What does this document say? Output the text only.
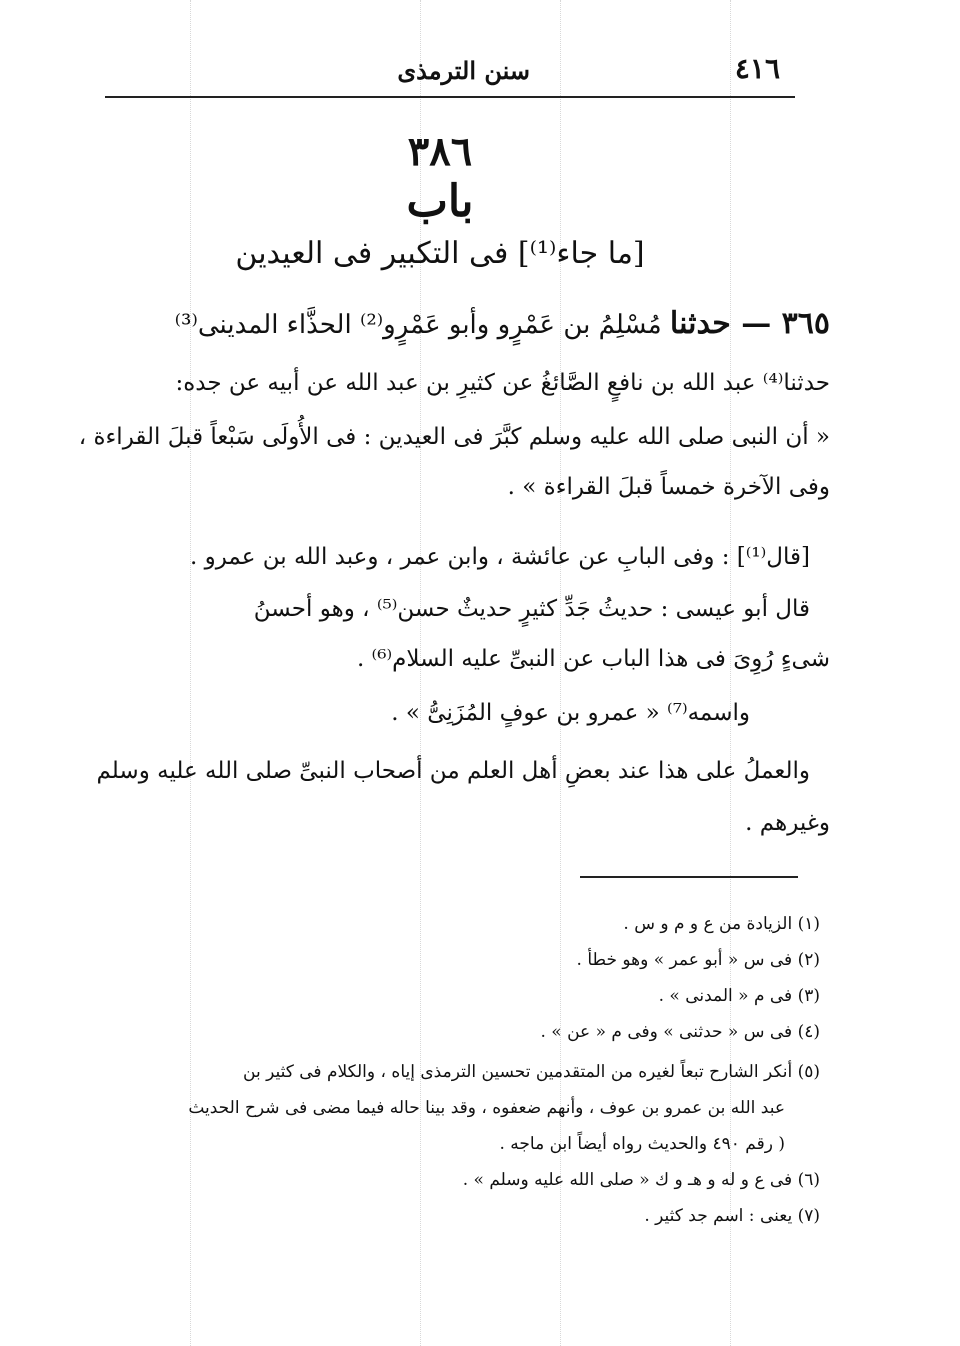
٤١٦
سنن الترمذى
٣٨٦
باب
[ما جاء⁽¹⁾] فى التكبير فى العيدين
٣٦٥ — حدثنا مُسْلِمُ بن عَمْرٍو وأبو عَمْرٍو⁽²⁾ الحذَّاء المدينى⁽³⁾
حدثنا⁽⁴⁾ عبد الله بن نافعٍ الصَّائغُ عن كثيرِ بن عبد الله عن أبيه عن جده:
« أن النبى صلى الله عليه وسلم كبَّرَ فى العيدين : فى الأُولَى سَبْعاً قبلَ القراءة ،
وفى الآخرة خمساً قبلَ القراءة » .
[قال⁽¹⁾] : وفى البابِ عن عائشة ، وابن عمر ، وعبد الله بن عمرو .
قال أبو عيسى : حديثُ جَدِّ كثيرٍ حديثٌ حسن⁽⁵⁾ ، وهو أحسنُ
شىءٍ رُوِىَ فى هذا الباب عن النبىِّ عليه السلام⁽⁶⁾ .
واسمه⁽⁷⁾ « عمرو بن عوفٍ المُزَنِىُّ » .
والعملُ على هذا عند بعضِ أهل العلم من أصحاب النبىِّ صلى الله عليه وسلم
وغيرهم .
(١) الزيادة من ع و م و س .
(٢) فى س « أبو عمر » وهو خطأ .
(٣) فى م « المدنى » .
(٤) فى س « حدثنى » وفى م « عن » .
(٥) أنكر الشارح تبعاً لغيره من المتقدمين تحسين الترمذى إياه ، والكلام فى كثير بن
عبد الله بن عمرو بن عوف ، وأنهم ضعفوه ، وقد بينا حاله فيما مضى فى شرح الحديث
( رقم ٤٩٠ والحديث رواه أيضاً ابن ماجه .
(٦) فى ع و له و هـ و ك « صلى الله عليه وسلم » .
(٧) يعنى : اسم جد كثير .
